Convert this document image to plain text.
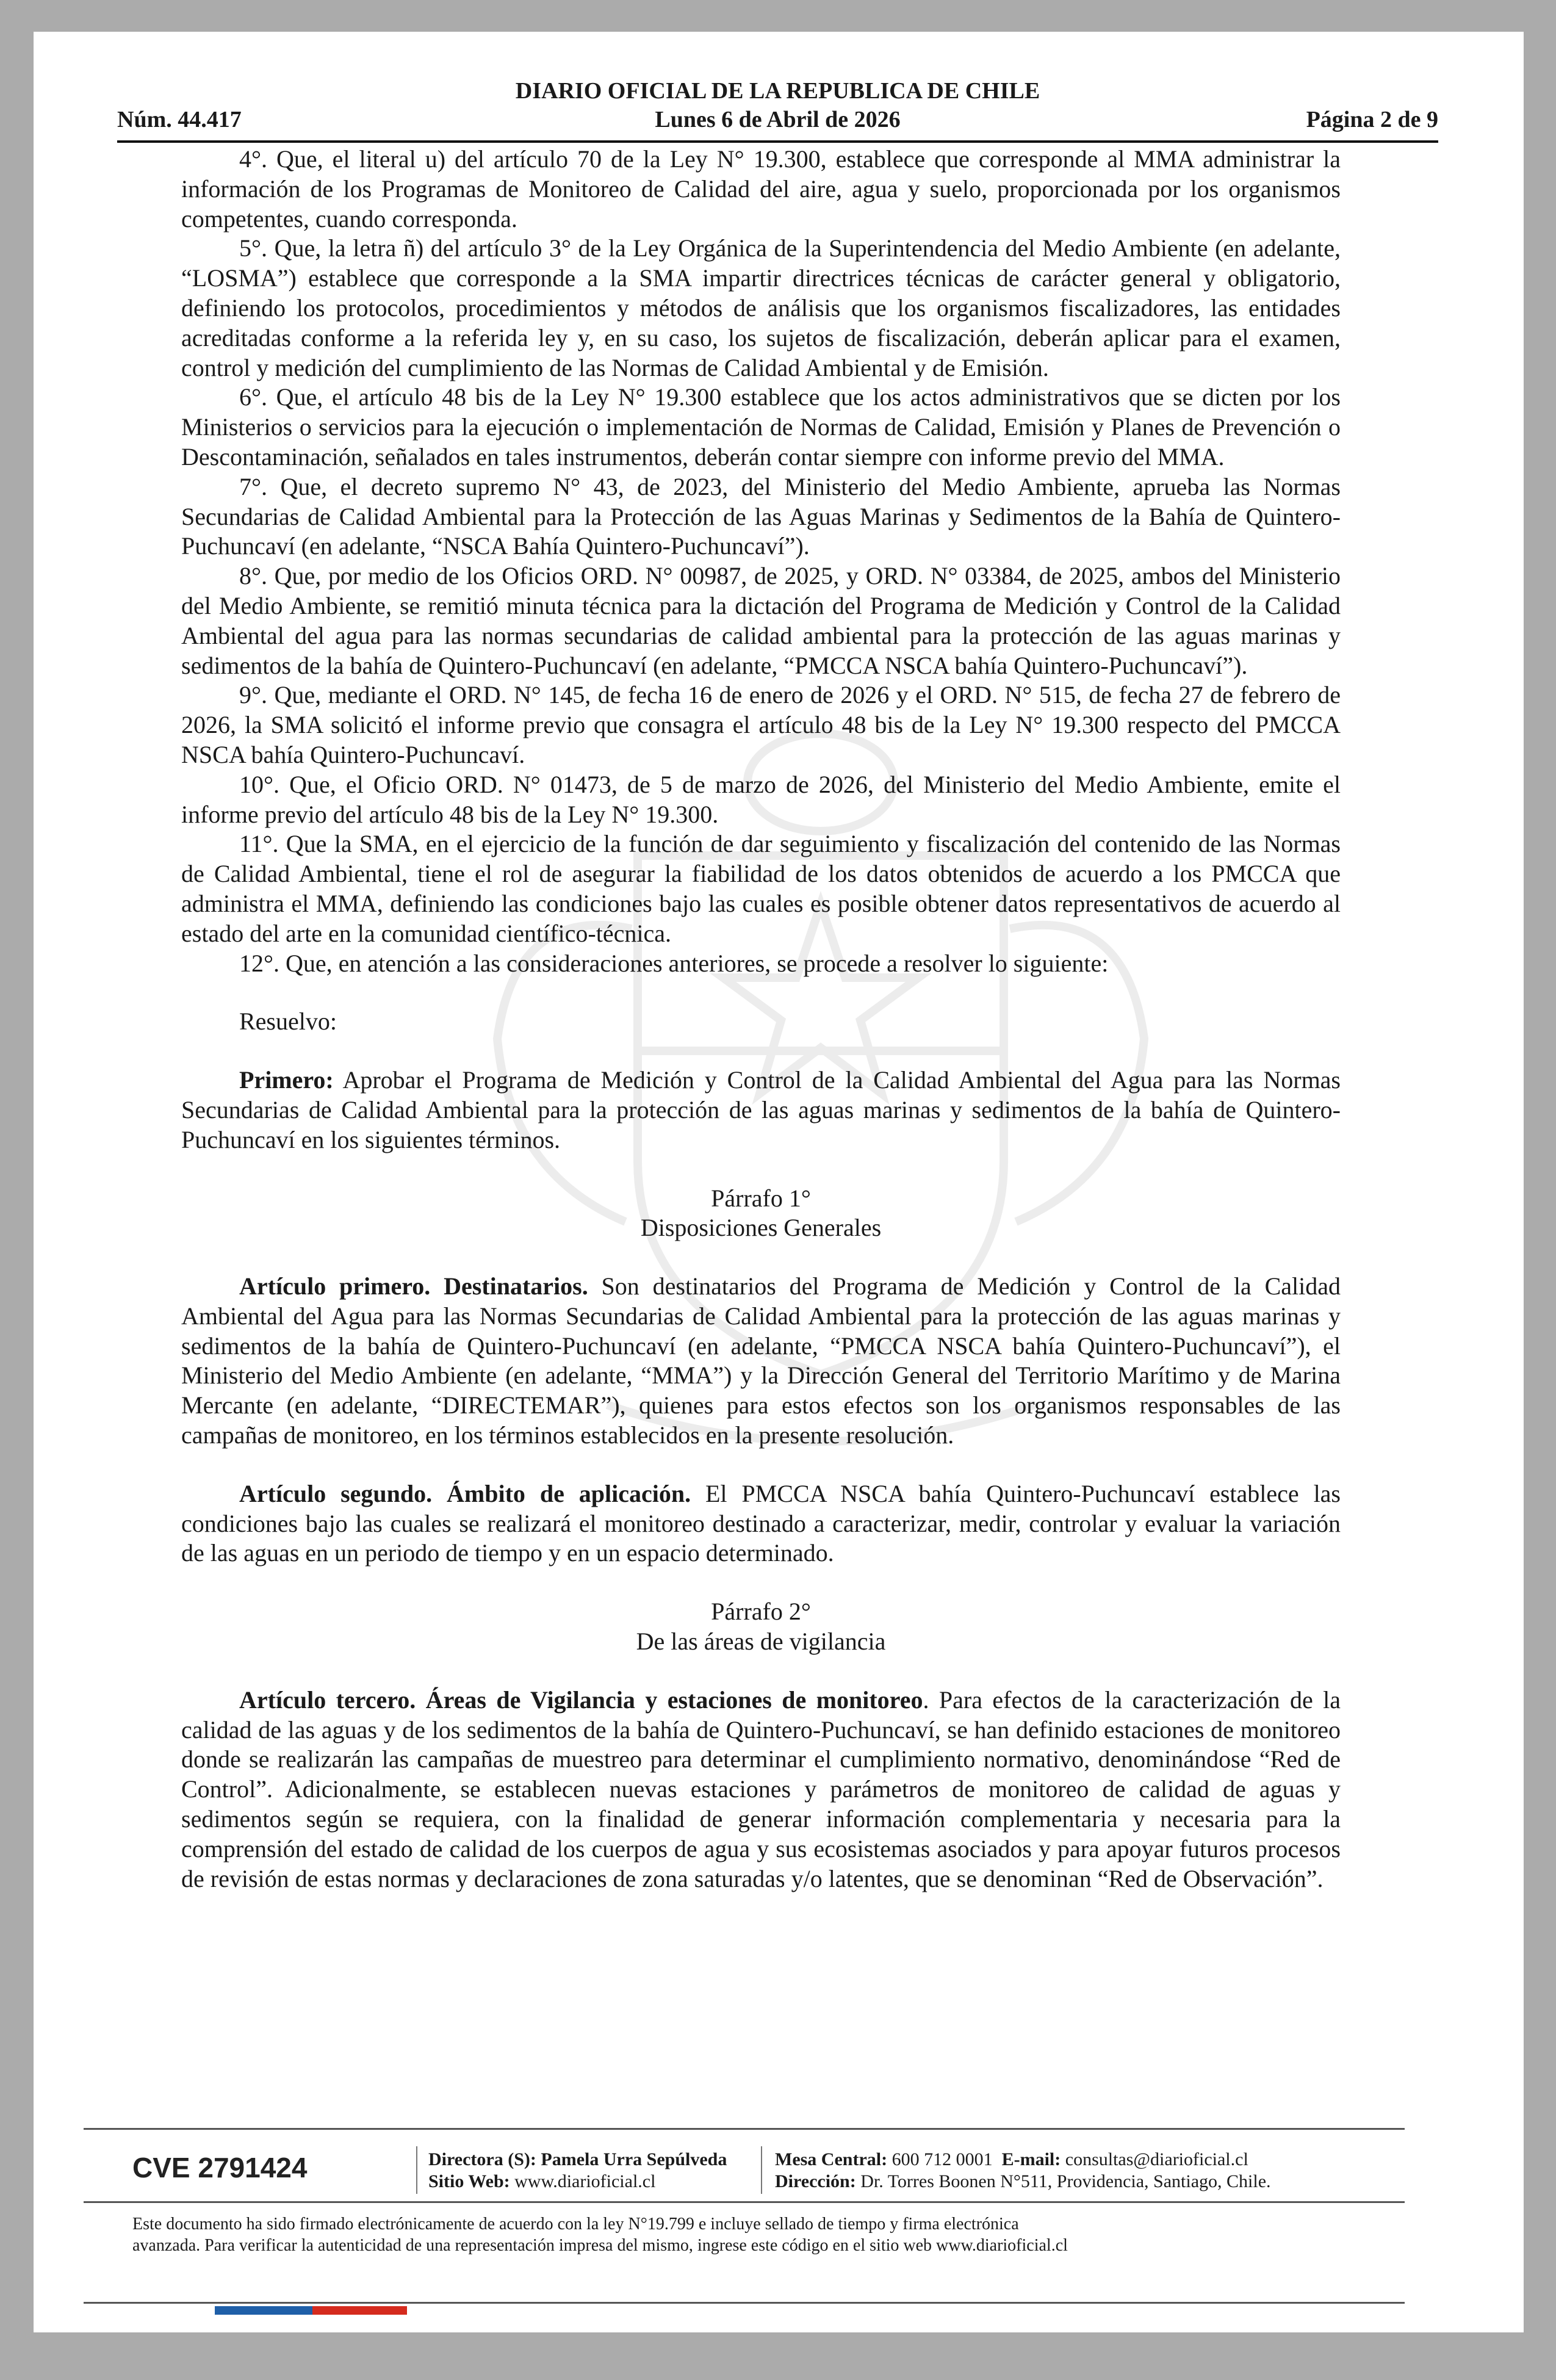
DIARIO OFICIAL DE LA REPUBLICA DE CHILE
Núm. 44.417	Lunes 6 de Abril de 2026	Página 2 de 9

4°. Que, el literal u) del artículo 70 de la Ley N° 19.300, establece que corresponde al MMA administrar la información de los Programas de Monitoreo de Calidad del aire, agua y suelo, proporcionada por los organismos competentes, cuando corresponda.

5°. Que, la letra ñ) del artículo 3° de la Ley Orgánica de la Superintendencia del Medio Ambiente (en adelante, “LOSMA”) establece que corresponde a la SMA impartir directrices técnicas de carácter general y obligatorio, definiendo los protocolos, procedimientos y métodos de análisis que los organismos fiscalizadores, las entidades acreditadas conforme a la referida ley y, en su caso, los sujetos de fiscalización, deberán aplicar para el examen, control y medición del cumplimiento de las Normas de Calidad Ambiental y de Emisión.

6°. Que, el artículo 48 bis de la Ley N° 19.300 establece que los actos administrativos que se dicten por los Ministerios o servicios para la ejecución o implementación de Normas de Calidad, Emisión y Planes de Prevención o Descontaminación, señalados en tales instrumentos, deberán contar siempre con informe previo del MMA.

7°. Que, el decreto supremo N° 43, de 2023, del Ministerio del Medio Ambiente, aprueba las Normas Secundarias de Calidad Ambiental para la Protección de las Aguas Marinas y Sedimentos de la Bahía de Quintero-Puchuncaví (en adelante, “NSCA Bahía Quintero-Puchuncaví”).

8°. Que, por medio de los Oficios ORD. N° 00987, de 2025, y ORD. N° 03384, de 2025, ambos del Ministerio del Medio Ambiente, se remitió minuta técnica para la dictación del Programa de Medición y Control de la Calidad Ambiental del agua para las normas secundarias de calidad ambiental para la protección de las aguas marinas y sedimentos de la bahía de Quintero-Puchuncaví (en adelante, “PMCCA NSCA bahía Quintero-Puchuncaví”).

9°. Que, mediante el ORD. N° 145, de fecha 16 de enero de 2026 y el ORD. N° 515, de fecha 27 de febrero de 2026, la SMA solicitó el informe previo que consagra el artículo 48 bis de la Ley N° 19.300 respecto del PMCCA NSCA bahía Quintero-Puchuncaví.

10°. Que, el Oficio ORD. N° 01473, de 5 de marzo de 2026, del Ministerio del Medio Ambiente, emite el informe previo del artículo 48 bis de la Ley N° 19.300.

11°. Que la SMA, en el ejercicio de la función de dar seguimiento y fiscalización del contenido de las Normas de Calidad Ambiental, tiene el rol de asegurar la fiabilidad de los datos obtenidos de acuerdo a los PMCCA que administra el MMA, definiendo las condiciones bajo las cuales es posible obtener datos representativos de acuerdo al estado del arte en la comunidad científico-técnica.

12°. Que, en atención a las consideraciones anteriores, se procede a resolver lo siguiente:

Resuelvo:

Primero: Aprobar el Programa de Medición y Control de la Calidad Ambiental del Agua para las Normas Secundarias de Calidad Ambiental para la protección de las aguas marinas y sedimentos de la bahía de Quintero-Puchuncaví en los siguientes términos.

Párrafo 1°

Disposiciones Generales

Artículo primero. Destinatarios. Son destinatarios del Programa de Medición y Control de la Calidad Ambiental del Agua para las Normas Secundarias de Calidad Ambiental para la protección de las aguas marinas y sedimentos de la bahía de Quintero-Puchuncaví (en adelante, “PMCCA NSCA bahía Quintero-Puchuncaví”), el Ministerio del Medio Ambiente (en adelante, “MMA”) y la Dirección General del Territorio Marítimo y de Marina Mercante (en adelante, “DIRECTEMAR”), quienes para estos efectos son los organismos responsables de las campañas de monitoreo, en los términos establecidos en la presente resolución.

Artículo segundo. Ámbito de aplicación. El PMCCA NSCA bahía Quintero-Puchuncaví establece las condiciones bajo las cuales se realizará el monitoreo destinado a caracterizar, medir, controlar y evaluar la variación de las aguas en un periodo de tiempo y en un espacio determinado.

Párrafo 2°

De las áreas de vigilancia

Artículo tercero. Áreas de Vigilancia y estaciones de monitoreo. Para efectos de la caracterización de la calidad de las aguas y de los sedimentos de la bahía de Quintero-Puchuncaví, se han definido estaciones de monitoreo donde se realizarán las campañas de muestreo para determinar el cumplimiento normativo, denominándose “Red de Control”. Adicionalmente, se establecen nuevas estaciones y parámetros de monitoreo de calidad de aguas y sedimentos según se requiera, con la finalidad de generar información complementaria y necesaria para la comprensión del estado de calidad de los cuerpos de agua y sus ecosistemas asociados y para apoyar futuros procesos de revisión de estas normas y declaraciones de zona saturadas y/o latentes, que se denominan “Red de Observación”.

CVE 2791424	Directora (S): Pamela Urra Sepúlveda
Sitio Web: www.diarioficial.cl
Mesa Central: 600 712 0001 E-mail: consultas@diarioficial.cl
Dirección: Dr. Torres Boonen N°511, Providencia, Santiago, Chile.
Este documento ha sido firmado electrónicamente de acuerdo con la ley N°19.799 e incluye sellado de tiempo y firma electrónica
avanzada. Para verificar la autenticidad de una representación impresa del mismo, ingrese este código en el sitio web www.diarioficial.cl
